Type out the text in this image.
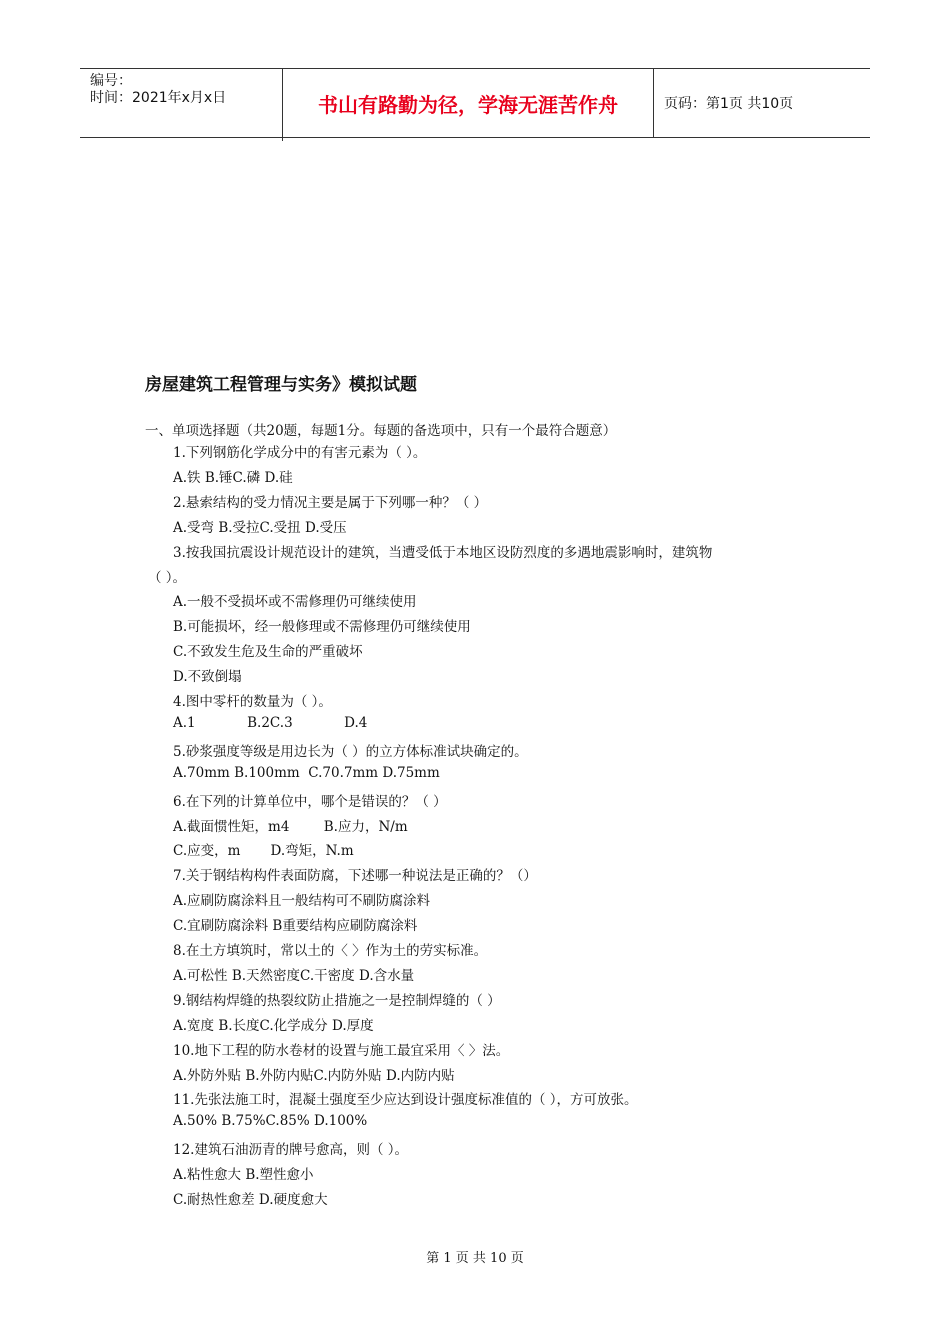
编号：
时间：2021年x月x日	书山有路勤为径，学海无涯苦作舟	页码：第1页 共10页
房屋建筑工程管理与实务》模拟试题
一、单项选择题（共20题，每题1分。每题的备选项中，只有一个最符合题意）
1.下列钢筋化学成分中的有害元素为（ ）。
A.铁 B.锤C.磷 D.硅
2.悬索结构的受力情况主要是属于下列哪一种？（ ）
A.受弯 B.受拉C.受扭 D.受压
3.按我国抗震设计规范设计的建筑，当遭受低于本地区设防烈度的多遇地震影响时，建筑物
（ ）。
A.一般不受损坏或不需修理仍可继续使用
B.可能损坏，经一般修理或不需修理仍可继续使用
C.不致发生危及生命的严重破坏
D.不致倒塌
4.图中零杆的数量为（ ）。
A.1            B.2C.3            D.4
5.砂浆强度等级是用边长为（ ）的立方体标准试块确定的。
A.70mm B.100mm  C.70.7mm D.75mm
6.在下列的计算单位中，哪个是错误的？（ ）
A.截面惯性矩，m4        B.应力，N/m
C.应变，m       D.弯矩，N.m
7.关于钢结构构件表面防腐，下述哪一种说法是正确的？（）
A.应刷防腐涂料且一般结构可不刷防腐涂料
C.宜刷防腐涂料 B重要结构应刷防腐涂料
8.在土方填筑时，常以土的〈 〉作为土的劳实标准。
A.可松性 B.天然密度C.干密度 D.含水量
9.钢结构焊缝的热裂纹防止措施之一是控制焊缝的（ ）
A.宽度 B.长度C.化学成分 D.厚度
10.地下工程的防水卷材的设置与施工最宜采用〈 〉法。
A.外防外贴 B.外防内贴C.内防外贴 D.内防内贴
11.先张法施工时，混凝土强度至少应达到设计强度标准值的（ ），方可放张。
A.50% B.75%C.85% D.100%
12.建筑石油沥青的牌号愈高，则（ ）。
A.粘性愈大 B.塑性愈小
C.耐热性愈差 D.硬度愈大
第 1 页 共 10 页
